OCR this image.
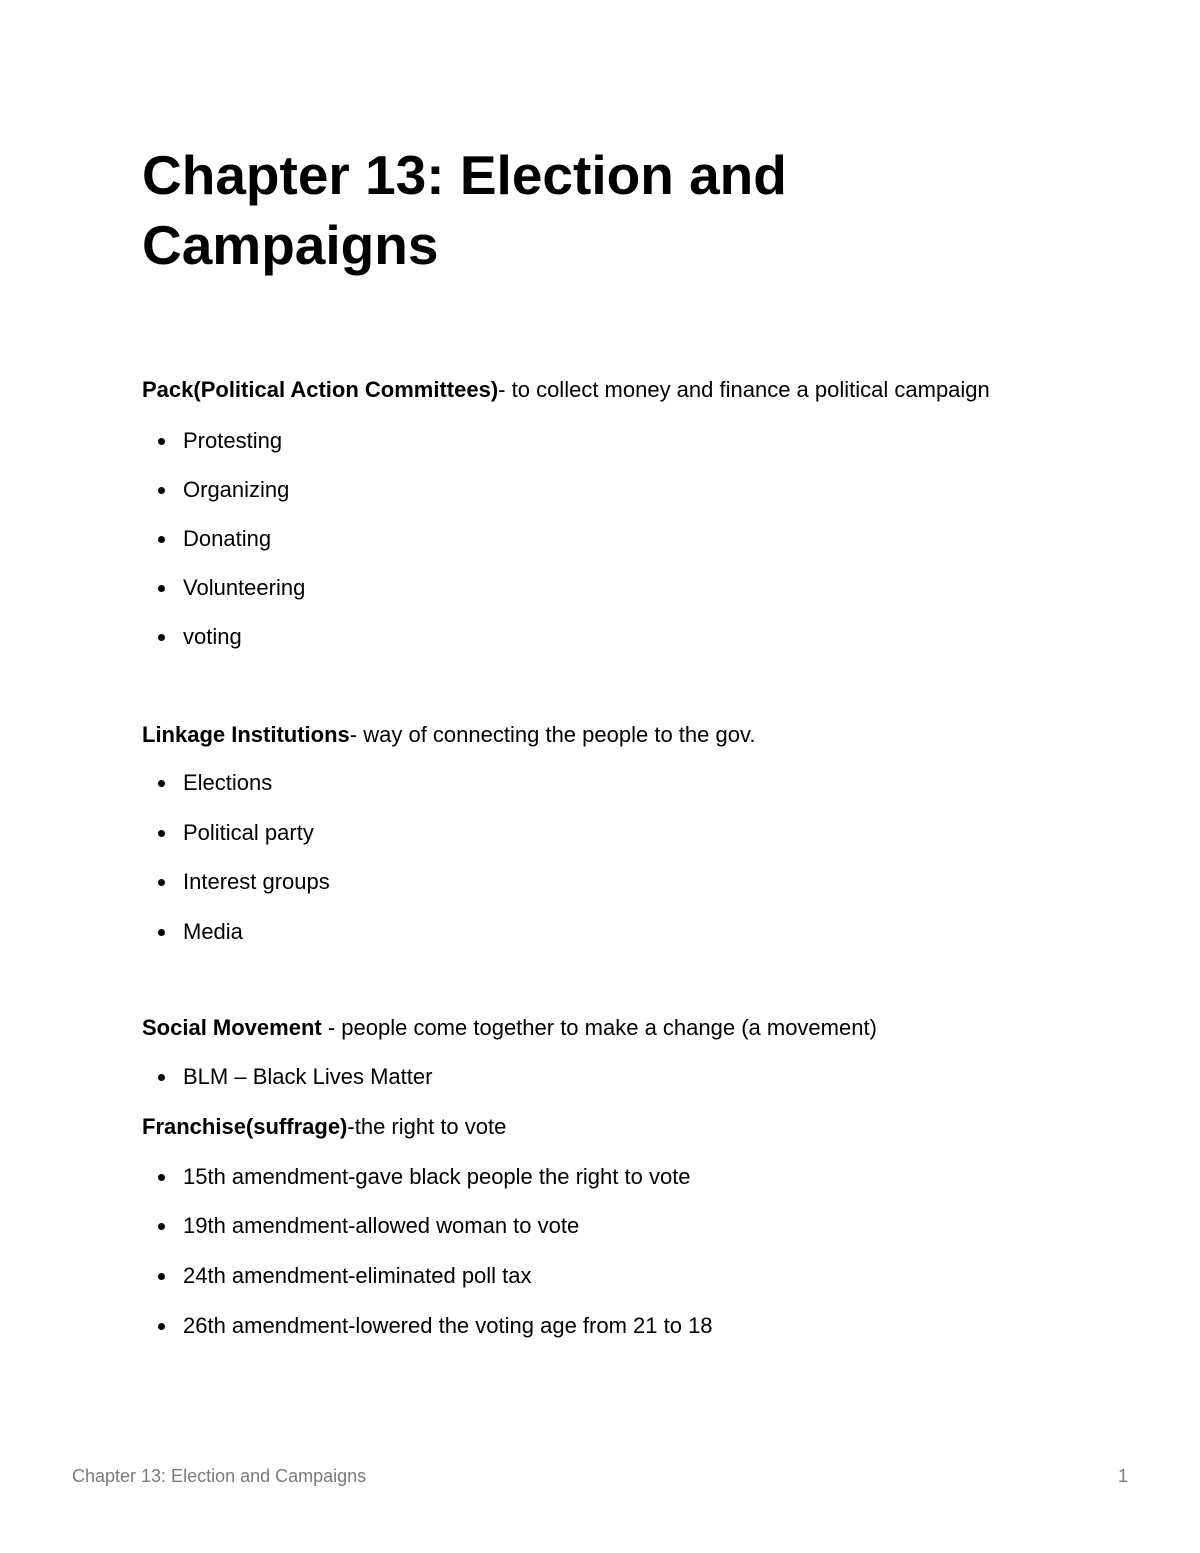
Chapter 13: Election and Campaigns

Pack(Political Action Committees)- to collect money and finance a political campaign

Protesting
Organizing
Donating
Volunteering
voting

Linkage Institutions- way of connecting the people to the gov.

Elections
Political party
Interest groups
Media

Social Movement - people come together to make a change (a movement)

BLM – Black Lives Matter

Franchise(suffrage)-the right to vote

15th amendment-gave black people the right to vote
19th amendment-allowed woman to vote
24th amendment-eliminated poll tax
26th amendment-lowered the voting age from 21 to 18
Chapter 13: Election and Campaigns	1
